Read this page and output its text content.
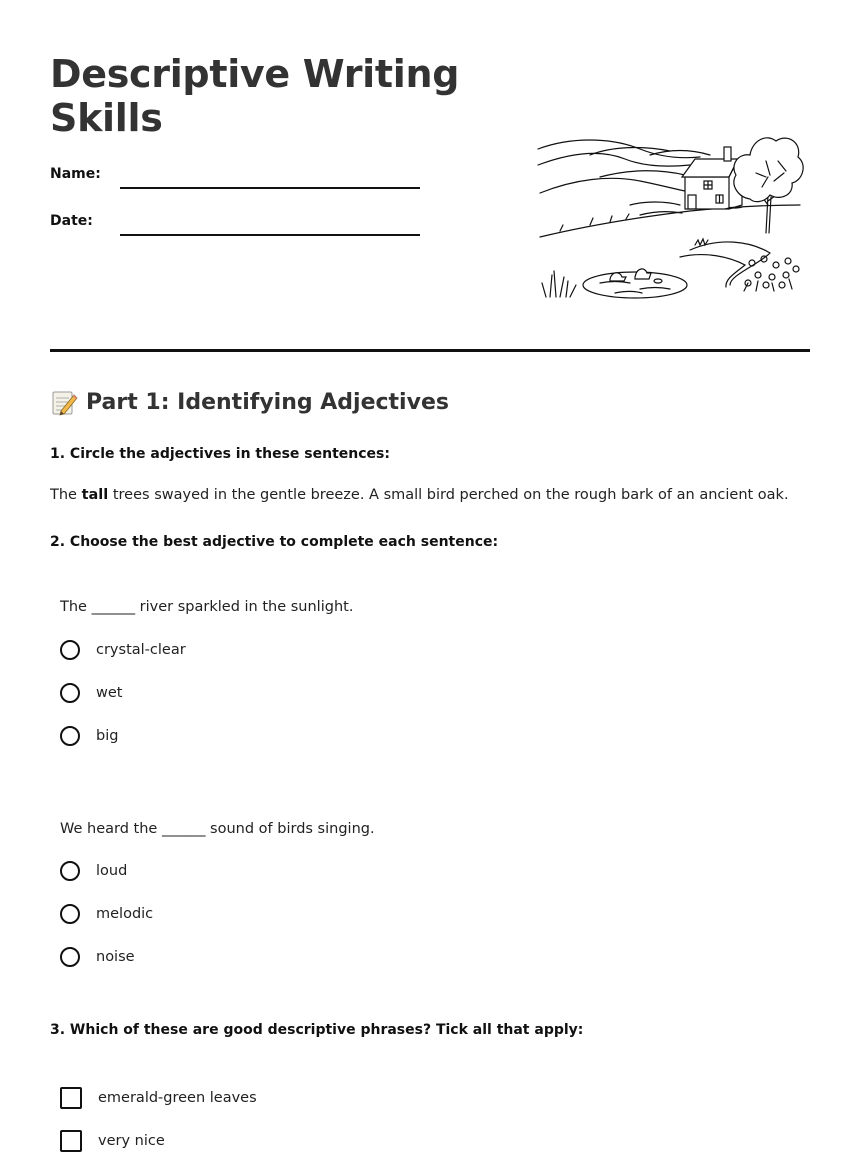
Descriptive Writing Skills
Name:
Date:
Part 1: Identifying Adjectives
1. Circle the adjectives in these sentences:

The tall trees swayed in the gentle breeze. A small bird perched on the rough bark of an ancient oak.

2. Choose the best adjective to complete each sentence:

The ______ river sparkled in the sunlight.

crystal-clear
wet
big

We heard the ______ sound of birds singing.

loud
melodic
noise
3. Which of these are good descriptive phrases? Tick all that apply:
emerald-green leaves
very nice
